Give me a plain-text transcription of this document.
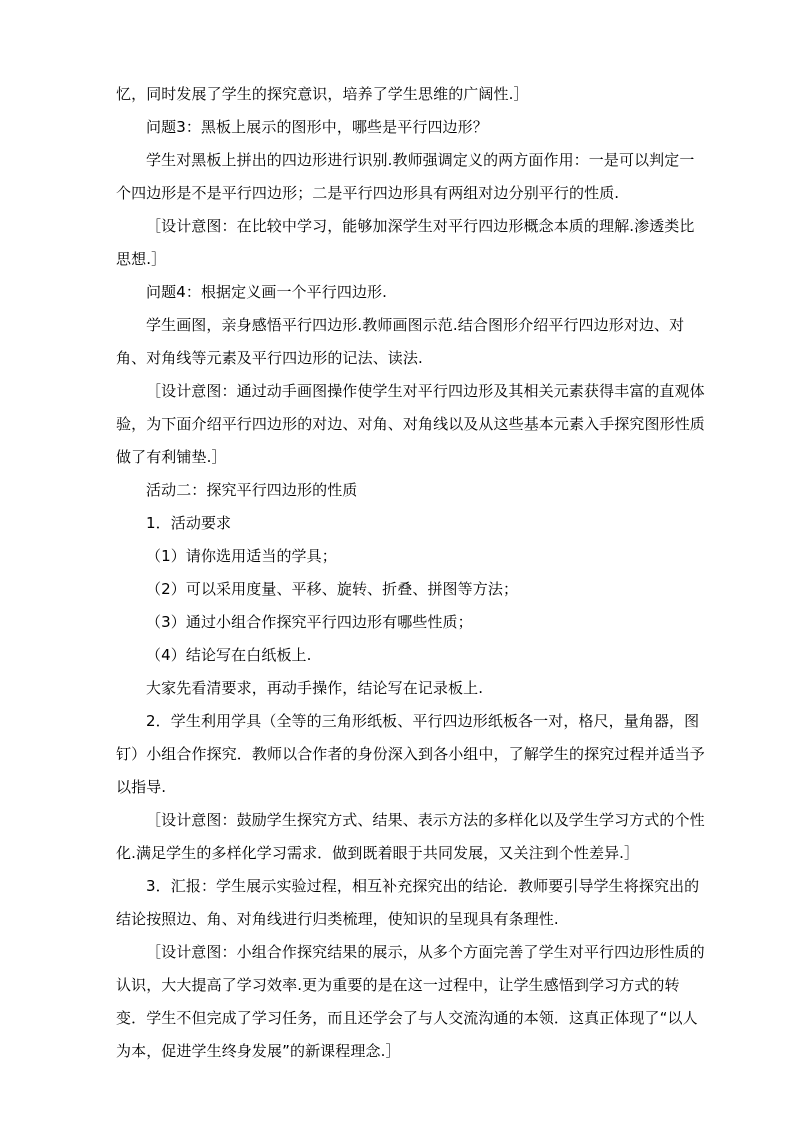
忆，同时发展了学生的探究意识，培养了学生思维的广阔性.］

问题3：黑板上展示的图形中，哪些是平行四边形？

学生对黑板上拼出的四边形进行识别.教师强调定义的两方面作用：一是可以判定一个四边形是不是平行四边形；二是平行四边形具有两组对边分别平行的性质.

［设计意图：在比较中学习，能够加深学生对平行四边形概念本质的理解.渗透类比思想.］

问题4：根据定义画一个平行四边形.

学生画图，亲身感悟平行四边形.教师画图示范.结合图形介绍平行四边形对边、对角、对角线等元素及平行四边形的记法、读法.

［设计意图：通过动手画图操作使学生对平行四边形及其相关元素获得丰富的直观体验，为下面介绍平行四边形的对边、对角、对角线以及从这些基本元素入手探究图形性质做了有利铺垫.］

活动二：探究平行四边形的性质

1．活动要求

（1）请你选用适当的学具；

（2）可以采用度量、平移、旋转、折叠、拼图等方法；

（3）通过小组合作探究平行四边形有哪些性质；

（4）结论写在白纸板上.

大家先看清要求，再动手操作，结论写在记录板上.

2．学生利用学具（全等的三角形纸板、平行四边形纸板各一对，格尺，量角器，图钉）小组合作探究．教师以合作者的身份深入到各小组中，了解学生的探究过程并适当予以指导.

［设计意图：鼓励学生探究方式、结果、表示方法的多样化以及学生学习方式的个性化.满足学生的多样化学习需求．做到既着眼于共同发展，又关注到个性差异.］

3．汇报：学生展示实验过程，相互补充探究出的结论．教师要引导学生将探究出的结论按照边、角、对角线进行归类梳理，使知识的呈现具有条理性.

［设计意图：小组合作探究结果的展示，从多个方面完善了学生对平行四边形性质的认识，大大提高了学习效率.更为重要的是在这一过程中，让学生感悟到学习方式的转变．学生不但完成了学习任务，而且还学会了与人交流沟通的本领．这真正体现了“以人为本，促进学生终身发展”的新课程理念.］
